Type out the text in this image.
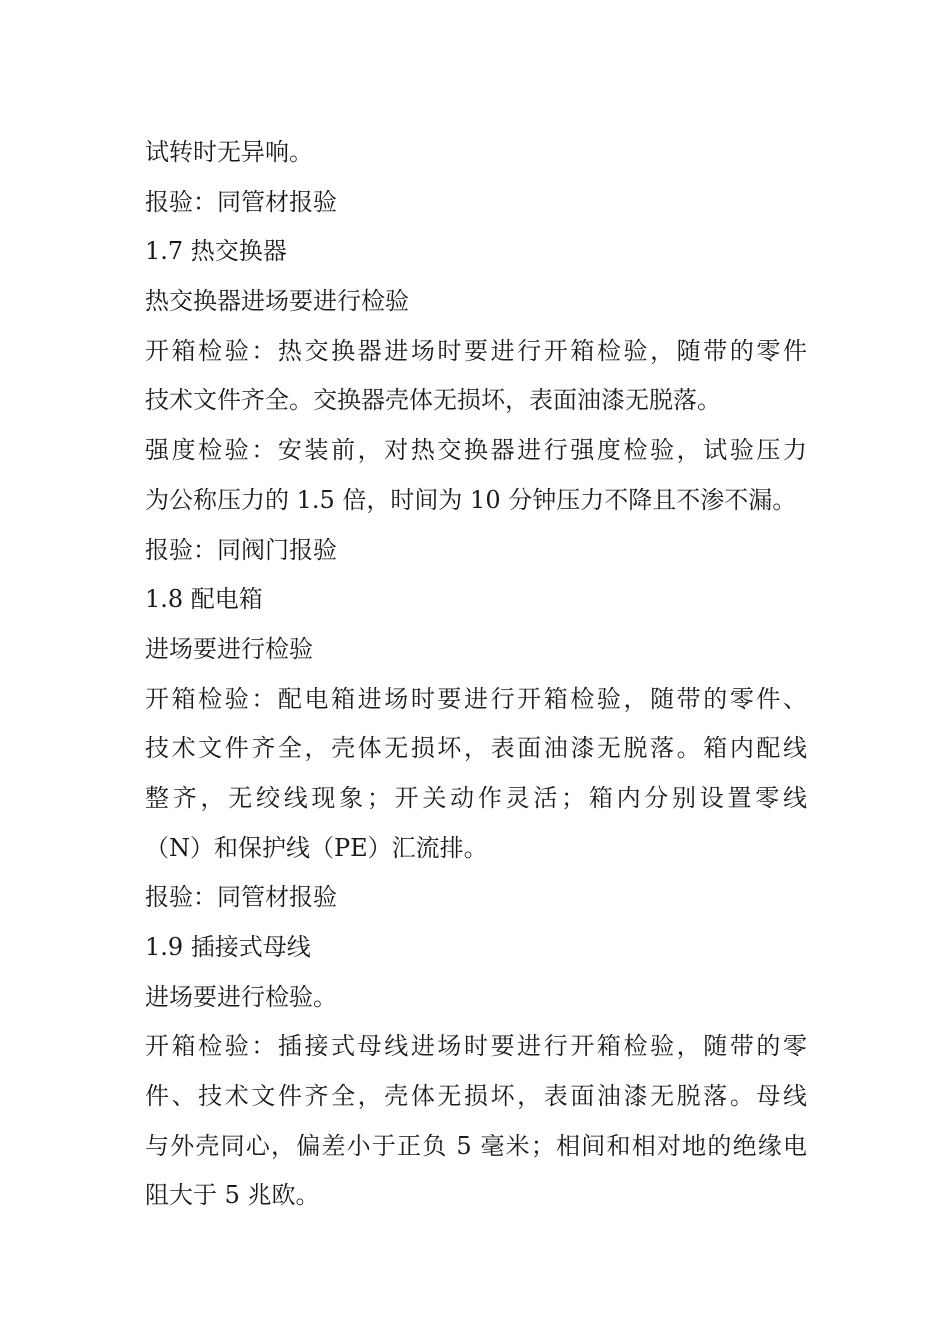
试转时无异响。
报验：同管材报验
1.7 热交换器
热交换器进场要进行检验
开箱检验：热交换器进场时要进行开箱检验，随带的零件
技术文件齐全。交换器壳体无损坏，表面油漆无脱落。
强度检验：安装前，对热交换器进行强度检验，试验压力
为公称压力的 1.5 倍，时间为 10 分钟压力不降且不渗不漏。
报验：同阀门报验
1.8 配电箱
进场要进行检验
开箱检验：配电箱进场时要进行开箱检验，随带的零件、
技术文件齐全，壳体无损坏，表面油漆无脱落。箱内配线
整齐，无绞线现象；开关动作灵活；箱内分别设置零线
（N）和保护线（PE）汇流排。
报验：同管材报验
1.9 插接式母线
进场要进行检验。
开箱检验：插接式母线进场时要进行开箱检验，随带的零
件、技术文件齐全，壳体无损坏，表面油漆无脱落。母线
与外壳同心，偏差小于正负 5 毫米；相间和相对地的绝缘电
阻大于 5 兆欧。
